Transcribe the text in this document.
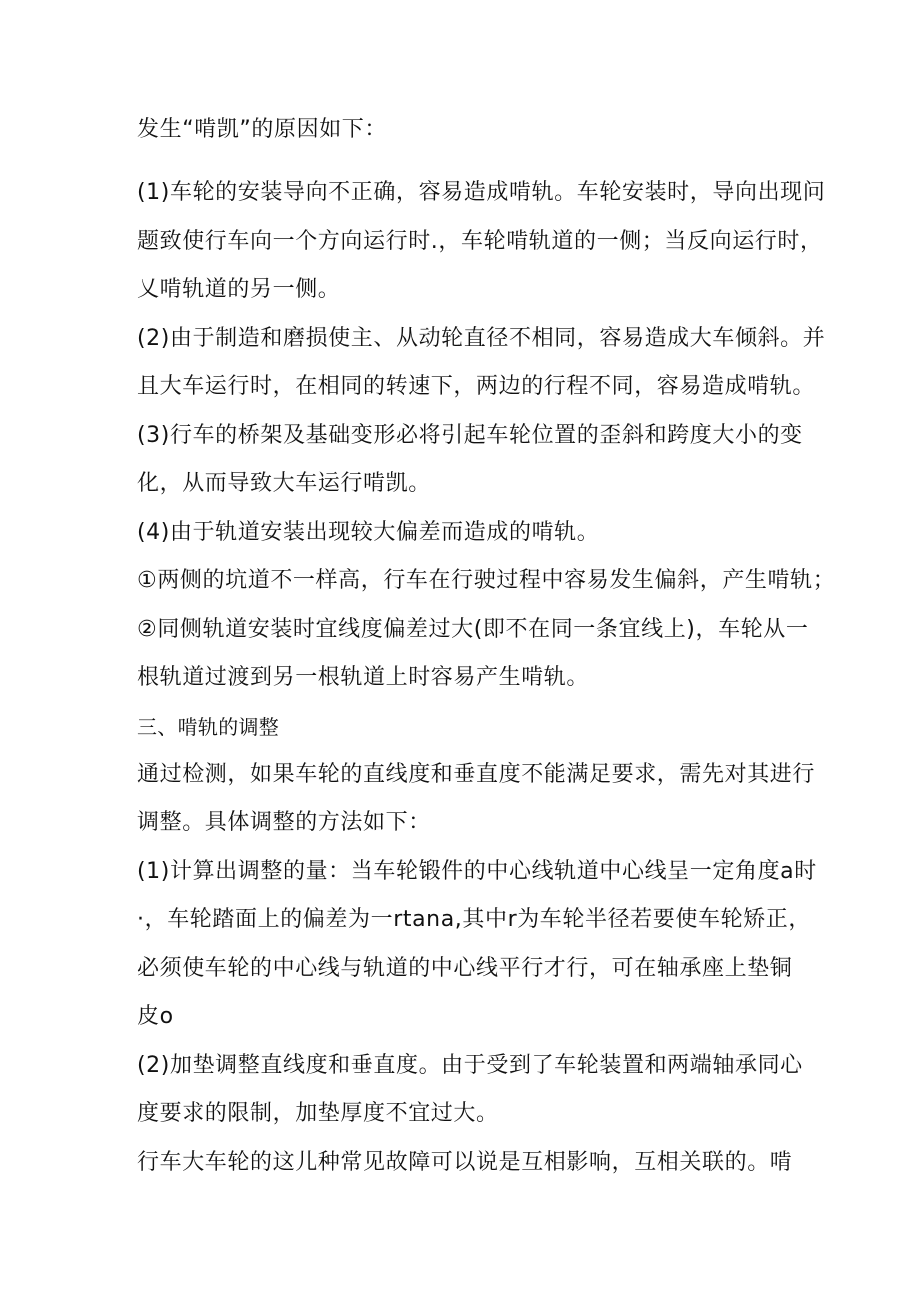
发生“啃凯”的原因如下：
(1)车轮的安装导向不正确，容易造成啃轨。车轮安装时，导向出现问
题致使行车向一个方向运行时.，车轮啃轨道的一侧；当反向运行时，
乂啃轨道的另一侧。
(2)由于制造和磨损使主、从动轮直径不相同，容易造成大车倾斜。并
且大车运行时，在相同的转速下，两边的行程不同，容易造成啃轨。
(3)行车的桥架及基础变形必将引起车轮位置的歪斜和跨度大小的变
化，从而导致大车运行啃凯。
(4)由于轨道安装出现较大偏差而造成的啃轨。
①两侧的坑道不一样高，行车在行驶过程中容易发生偏斜，产生啃轨；
②同侧轨道安装时宜线度偏差过大(即不在同一条宜线上)，车轮从一
根轨道过渡到另一根轨道上时容易产生啃轨。
三、啃轨的调整
通过检测，如果车轮的直线度和垂直度不能满足要求，需先对其进行
调整。具体调整的方法如下：
(1)计算出调整的量：当车轮锻件的中心线轨道中心线呈一定角度a时
·，车轮踏面上的偏差为一rtana,其中r为车轮半径若要使车轮矫正，
必须使车轮的中心线与轨道的中心线平行才行，可在轴承座上垫铜
皮o
(2)加垫调整直线度和垂直度。由于受到了车轮装置和两端轴承同心
度要求的限制，加垫厚度不宜过大。
行车大车轮的这儿种常见故障可以说是互相影响，互相关联的。啃
